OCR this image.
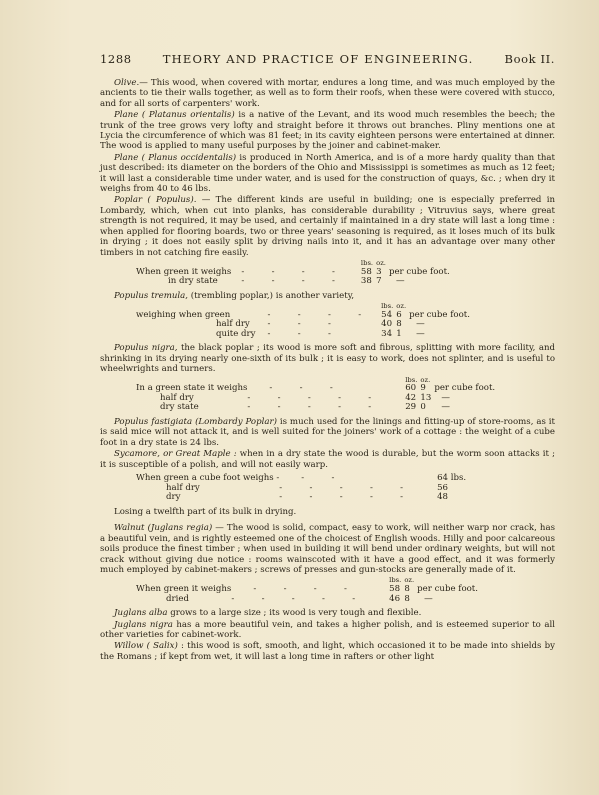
1288	THEORY AND PRACTICE OF ENGINEERING.	Book II.

Olive.— This wood, when covered with mortar, endures a long time, and was much employed by the ancients to tie their walls together, as well as to form their roofs, when these were covered with stucco, and for all sorts of carpenters' work.

Plane ( Platanus orientalis) is a native of the Levant, and its wood much resembles the beech; the trunk of the tree grows very lofty and straight before it throws out branches. Pliny mentions one at Lycia the circumference of which was 81 feet; in its cavity eighteen persons were entertained at dinner. The wood is applied to many useful purposes by the joiner and cabinet-maker.

Plane ( Planus occidentalis) is produced in North America, and is of a more hardy quality than that just described: its diameter on the borders of the Ohio and Mississippi is sometimes as much as 12 feet; it will last a considerable time under water, and is used for the construction of quays, &c. ; when dry it weighs from 40 to 46 lbs.

Poplar ( Populus). — The different kinds are useful in building; one is especially preferred in Lombardy, which, when cut into planks, has considerable durability ; Vitruvius says, where great strength is not required, it may be used, and certainly if maintained in a dry state will last a long time : when applied for flooring boards, two or three years' seasoning is required, as it loses much of its bulk in drying ; it does not easily split by driving nails into it, and it has an advantage over many other timbers in not catching fire easily.

		lbs.	oz.	
When green it weighs	-          -          -          -	58	3	per cube foot.
in dry state	-          -          -          -	38	7	—

Populus tremula, (trembling poplar,) is another variety,

		lbs.	oz.	
weighing when green	-          -          -          -	54	6	per cube foot.
half dry	-          -          -	40	8	—
quite dry	-          -          -	34	1	—

Populus nigra, the black poplar ; its wood is more soft and fibrous, splitting with more facility, and shrinking in its drying nearly one-sixth of its bulk ; it is easy to work, does not splinter, and is useful to wheelwrights and turners.

		lbs.	oz.	
In a green state it weighs	-          -          -	60	9	per cube foot.
half dry	-          -          -          -          -	42	13	—
dry state	-          -          -          -          -	29	0	—

Populus fastigiata (Lombardy Poplar) is much used for the linings and fitting-up of store-rooms, as it is said mice will not attack it, and is well suited for the joiners' work of a cottage : the weight of a cube foot in a dry state is 24 lbs.

Sycamore, or Great Maple : when in a dry state the wood is durable, but the worm soon attacks it ; it is susceptible of a polish, and will not easily warp.

When green a cube foot weighs -	-          -	64 lbs.
half dry	-          -          -          -          -	56
dry	-          -          -          -          -	48

Losing a twelfth part of its bulk in drying.

Walnut (Juglans regia) — The wood is solid, compact, easy to work, will neither warp nor crack, has a beautiful vein, and is rightly esteemed one of the choicest of English woods. Hilly and poor calcareous soils produce the finest timber ; when used in building it will bend under ordinary weights, but will not crack without giving due notice : rooms wainscoted with it have a good effect, and it was formerly much employed by cabinet-makers ; screws of presses and gun-stocks are generally made of it.

		lbs.	oz.	
When green it weighs	-          -          -          -	58	8	per cube foot.
dried	-          -          -          -          -	46	8	—

Juglans alba grows to a large size ; its wood is very tough and flexible.

Juglans nigra has a more beautiful vein, and takes a higher polish, and is esteemed superior to all other varieties for cabinet-work.

Willow ( Salix) : this wood is soft, smooth, and light, which occasioned it to be made into shields by the Romans ; if kept from wet, it will last a long time in rafters or other light
